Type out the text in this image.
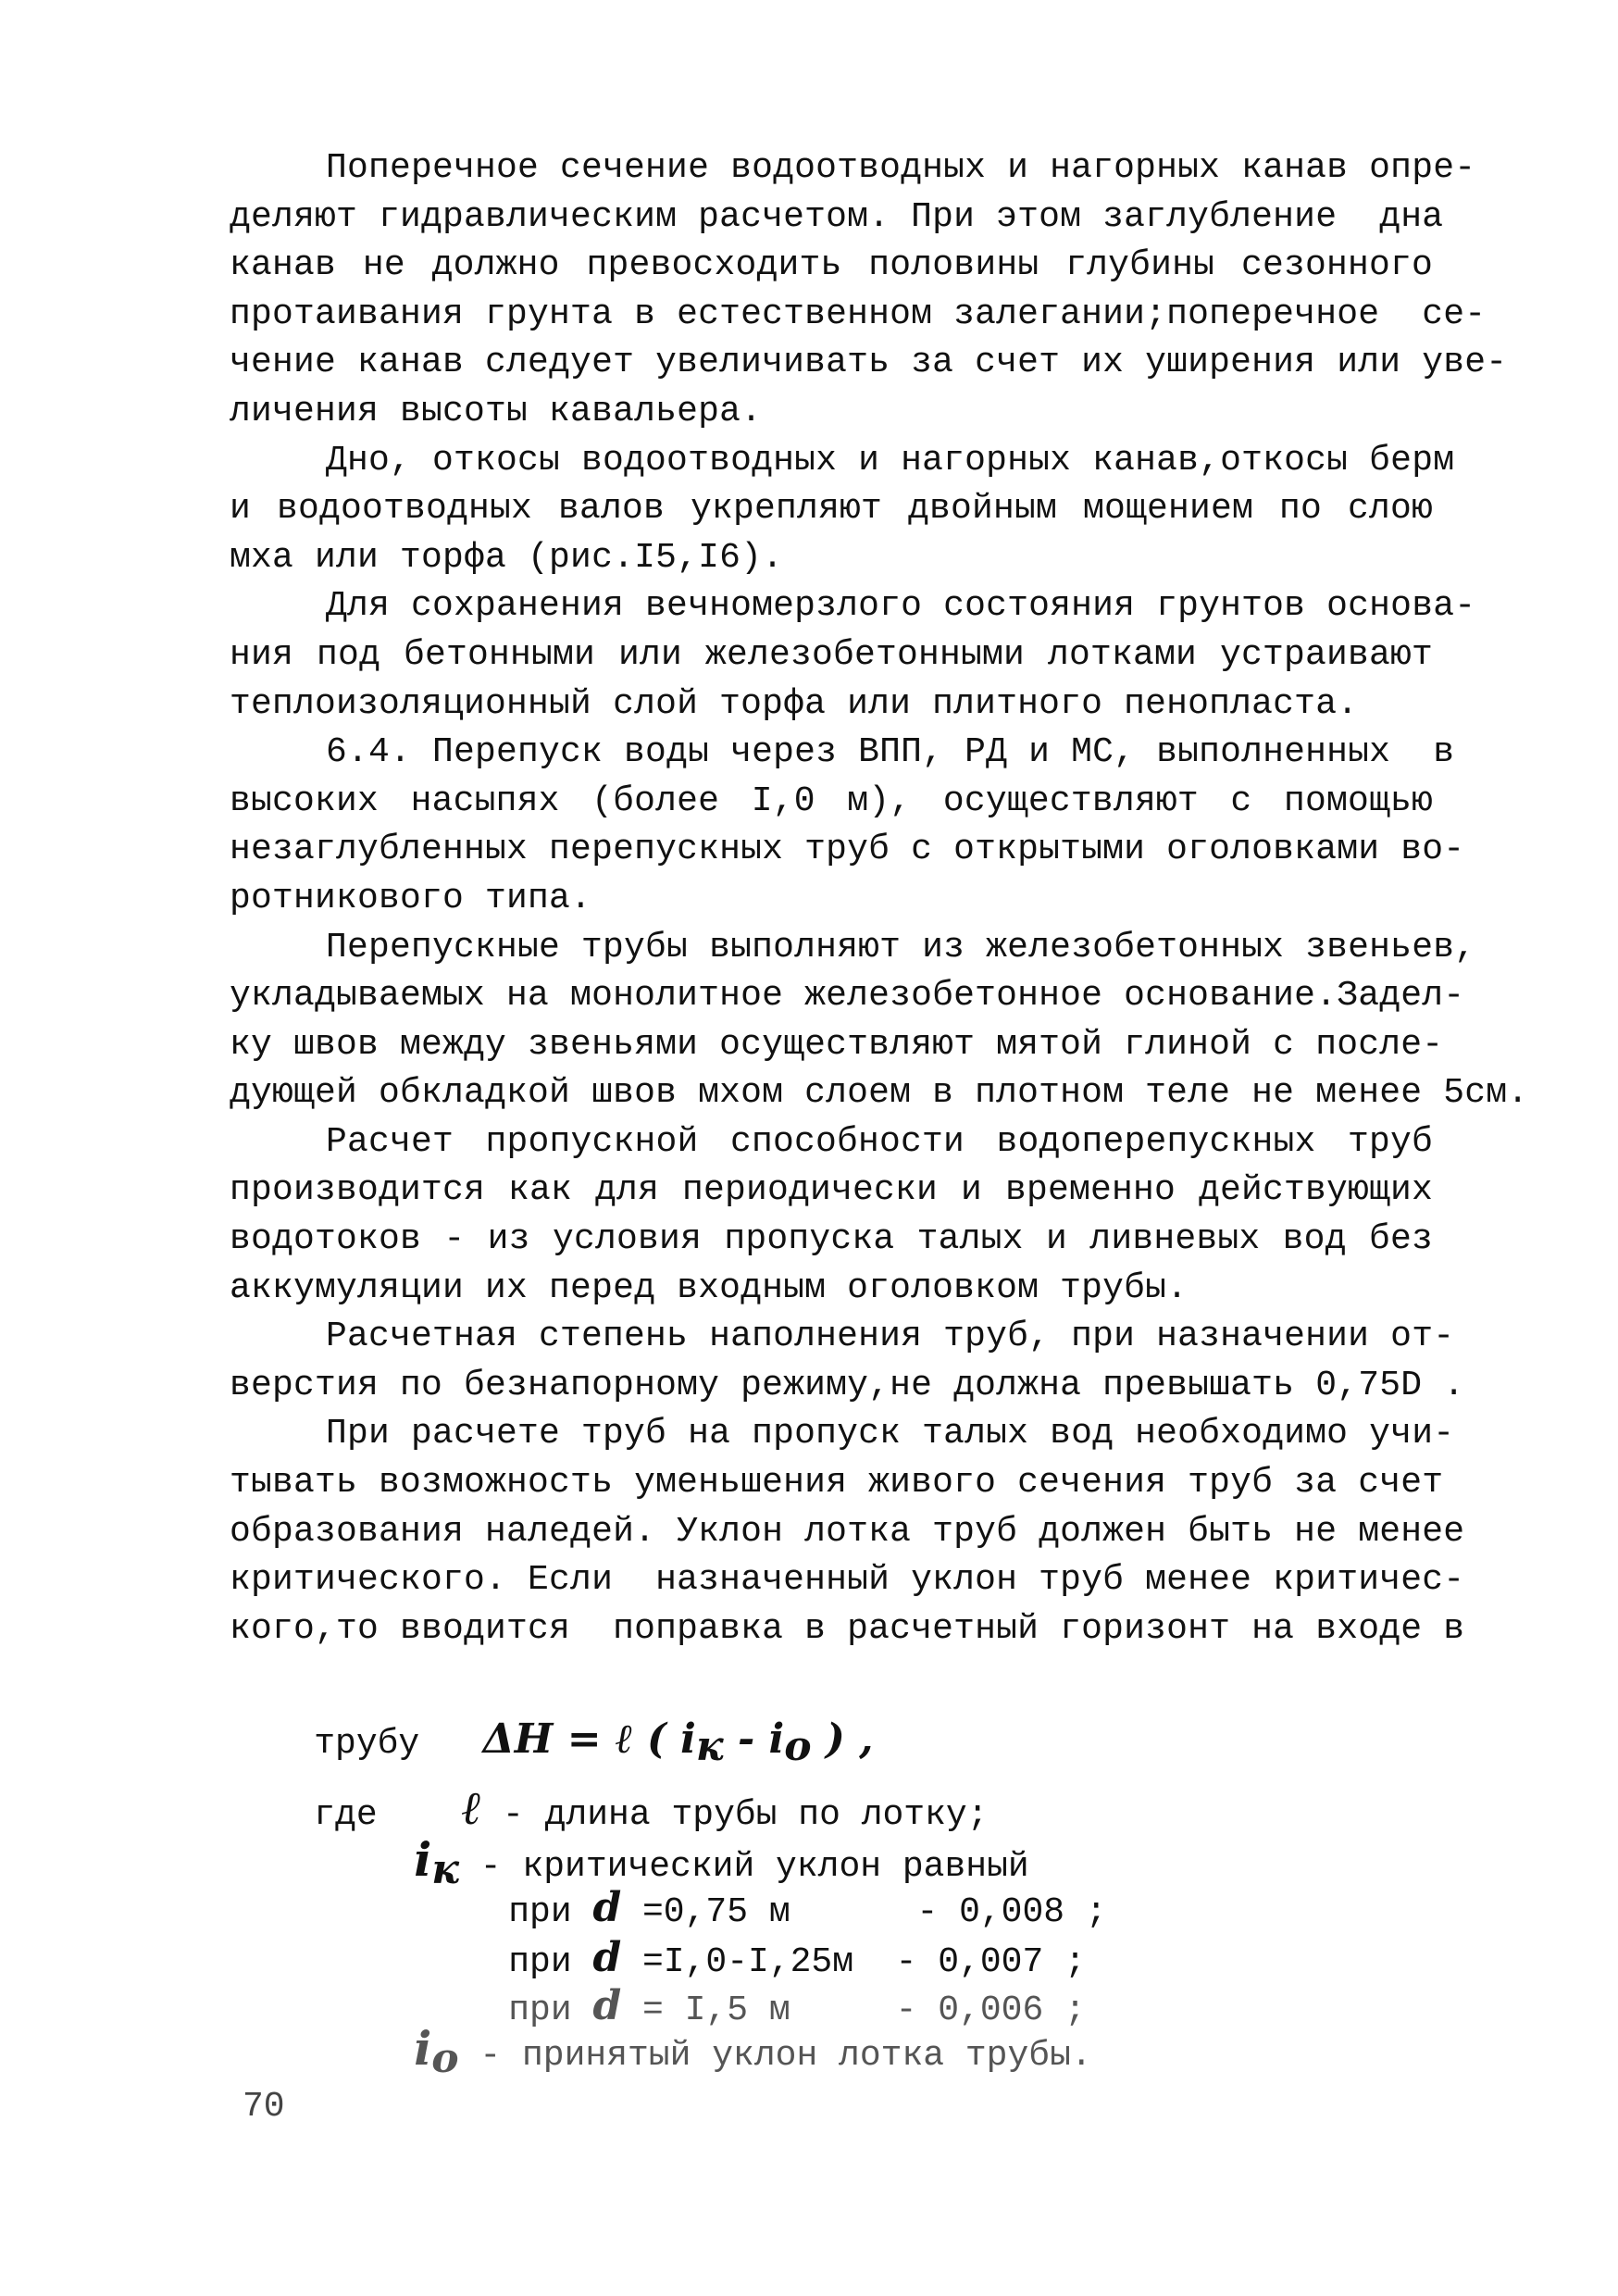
Поперечное сечение водоотводных и нагорных канав опре-
деляют гидравлическим расчетом. При этом заглубление  дна
канав не должно превосходить половины глубины сезонного
протаивания грунта в естественном залегании;поперечное  се-
чение канав следует увеличивать за счет их уширения или уве-
личения высоты кавальера.

Дно, откосы водоотводных и нагорных канав,откосы берм
и водоотводных валов укрепляют двойным мощением по слою
мха или торфа (рис.I5,I6).

Для сохранения вечномерзлого состояния грунтов основа-
ния под бетонными или железобетонными лотками устраивают
теплоизоляционный слой торфа или плитного пенопласта.

6.4. Перепуск воды через ВПП, РД и МС, выполненных  в
высоких насыпях (более I,0 м), осуществляют с помощью
незаглубленных перепускных труб с открытыми оголовками во-
ротникового типа.

Перепускные трубы выполняют из железобетонных звеньев,
укладываемых на монолитное железобетонное основание.Задел-
ку швов между звеньями осуществляют мятой глиной с после-
дующей обкладкой швов мхом слоем в плотном теле не менее 5см.

Расчет пропускной способности водоперепускных труб
производится как для периодически и временно действующих
водотоков - из условия пропуска талых и ливневых вод без
аккумуляции их перед входным оголовком трубы.

Расчетная степень наполнения труб, при назначении от-
верстия по безнапорному режиму,не должна превышать 0,75D .

При расчете труб на пропуск талых вод необходимо учи-
тывать возможность уменьшения живого сечения труб за счет
образования наледей. Уклон лотка труб должен быть не менее
критического. Если  назначенный уклон труб менее критичес-
кого,то вводится  поправка в расчетный горизонт на входе в

трубу ΔH = ℓ ( $i_к - i_о$ ) ,

где ℓ - длина трубы по лотку;

$i_к$ - критический уклон равный

при d =0,75 м      - 0,008 ;

при d =I,0-I,25м  - 0,007 ;

при d = I,5 м     - 0,006 ;

$i_о$ - принятый уклон лотка трубы.

70
